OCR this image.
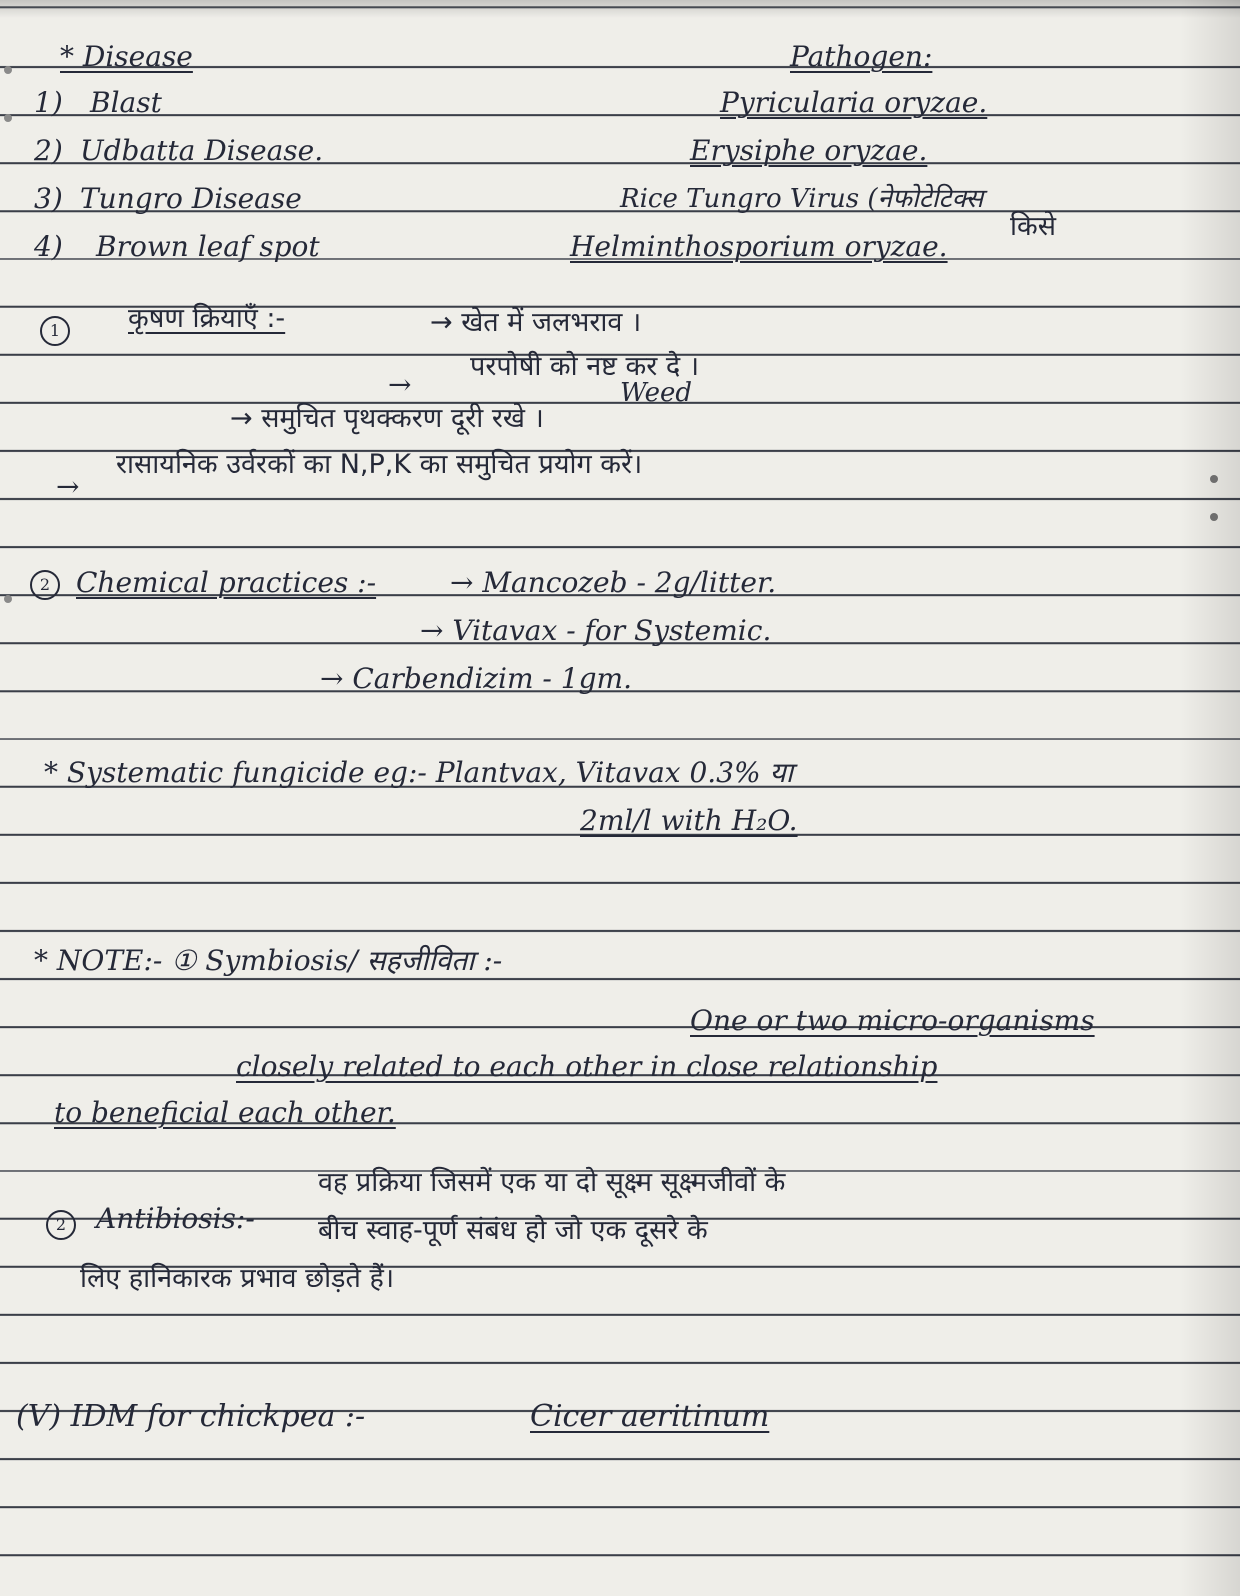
* Disease	Pathogen:
1) Blast	Pyricularia oryzae.
2) Udbatta Disease.	Erysiphe oryzae.
3) Tungro Disease	Rice Tungro Virus (नेफोटेटिक्स
4) Brown leaf spot	Helminthosporium oryzae.
किसे
1	कृषण क्रियाएँ :-	→ खेत में जलभराव ।
परपोषी को नष्ट कर दे ।
→	Weed
→ समुचित पृथक्करण दूरी रखे ।
→
रासायनिक उर्वरकों का N,P,K का समुचित प्रयोग करें।
2 Chemical practices :-	→ Mancozeb - 2g/litter.
→ Vitavax - for Systemic.
→ Carbendizim - 1gm.
* Systematic fungicide eg:- Plantvax, Vitavax 0.3% या
2ml/l with H₂O.
* NOTE:- ① Symbiosis/ सहजीविता :-
One or two micro-organisms
closely related to each other in close relationship
to beneficial each other.
2	Antibiosis:-
वह प्रक्रिया जिसमें एक या दो सूक्ष्म सूक्ष्मजीवों के
बीच स्वाह-पूर्ण संबंध हो जो एक दूसरे के
लिए हानिकारक प्रभाव छोड़ते हैं।
(V) IDM for chickpea :-	Cicer aeritinum
